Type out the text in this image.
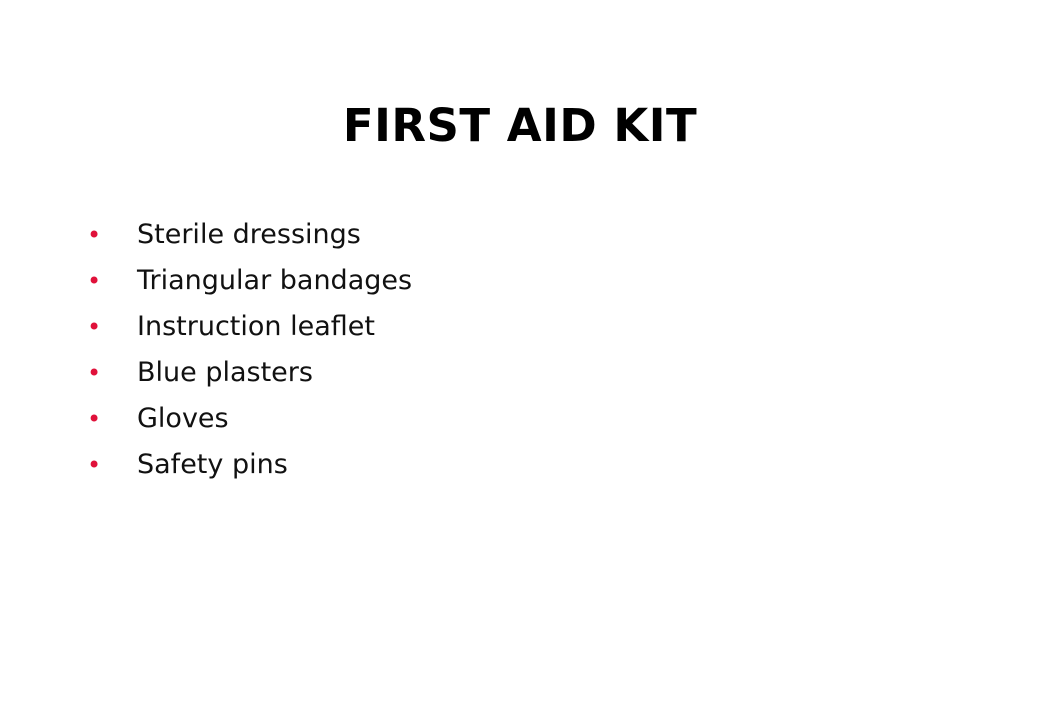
FIRST AID KIT
•	Sterile dressings
•	Triangular bandages
•	Instruction leaflet
•	Blue plasters
•	Gloves
•	Safety pins
